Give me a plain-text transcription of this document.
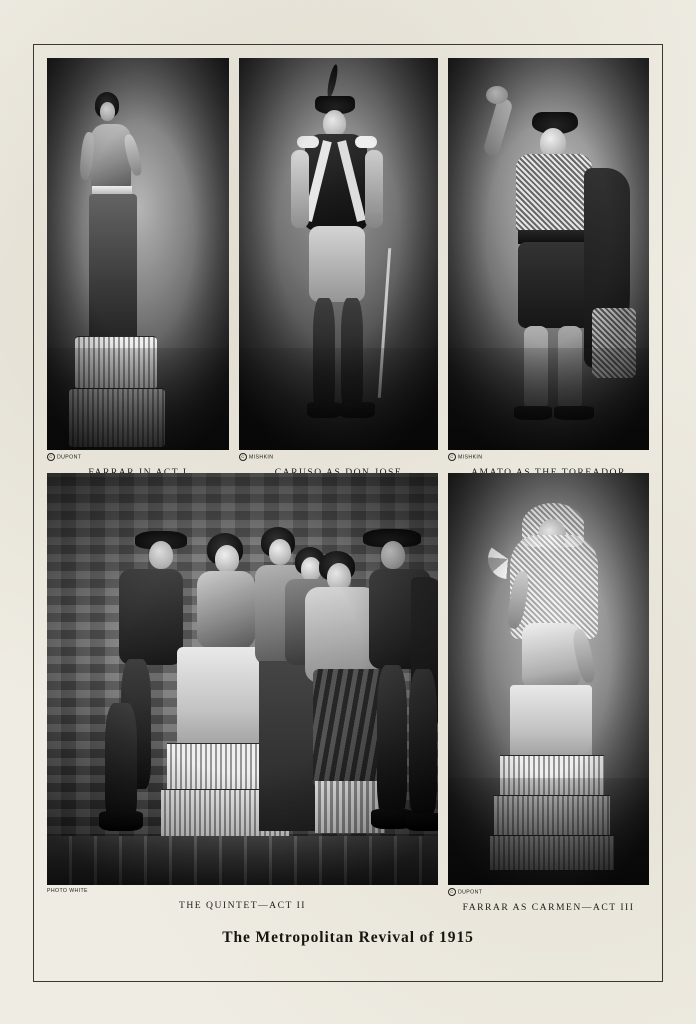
C DUPONT	C MISHKIN	C MISHKIN
PHOTO WHITE
THE QUINTET—ACT II
C DUPONT
FARRAR AS CARMEN—ACT III
The Metropolitan Revival of 1915
